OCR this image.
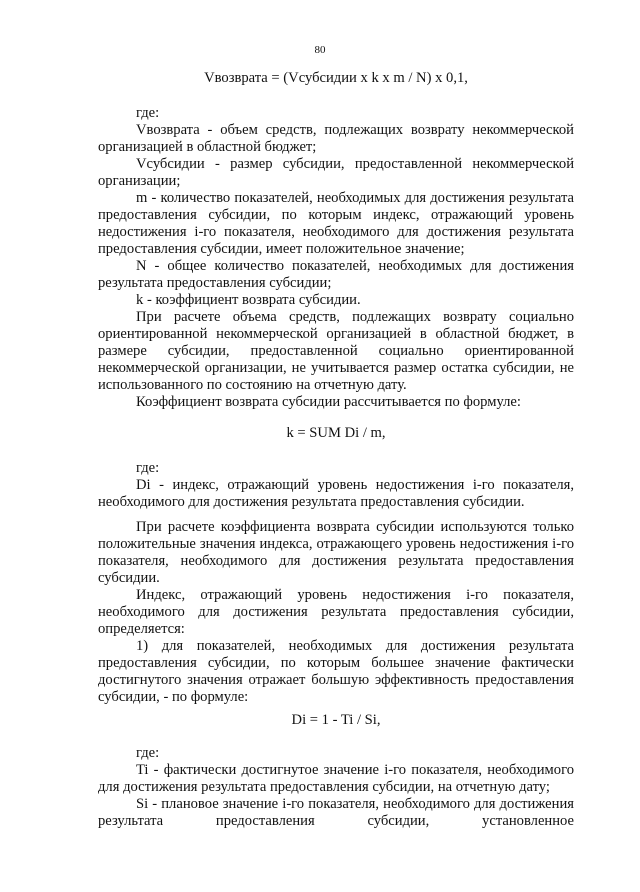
80

Vвозврата = (Vсубсидии x k x m / N) x 0,1,

где:

Vвозврата - объем средств, подлежащих возврату некоммерческой организацией в областной бюджет;

Vсубсидии - размер субсидии, предоставленной некоммерческой организации;

m - количество показателей, необходимых для достижения результата предоставления субсидии, по которым индекс, отражающий уровень недостижения i-го показателя, необходимого для достижения результата предоставления субсидии, имеет положительное значение;

N - общее количество показателей, необходимых для достижения результата предоставления субсидии;

k - коэффициент возврата субсидии.

При расчете объема средств, подлежащих возврату социально ориентированной некоммерческой организацией в областной бюджет, в размере субсидии, предоставленной социально ориентированной некоммерческой организации, не учитывается размер остатка субсидии, не использованного по состоянию на отчетную дату.

Коэффициент возврата субсидии рассчитывается по формуле:

k = SUM Di / m,

где:

Di - индекс, отражающий уровень недостижения i-го показателя, необходимого для достижения результата предоставления субсидии.

При расчете коэффициента возврата субсидии используются только положительные значения индекса, отражающего уровень недостижения i-го показателя, необходимого для достижения результата предоставления субсидии.

Индекс, отражающий уровень недостижения i-го показателя, необходимого для достижения результата предоставления субсидии, определяется:

1) для показателей, необходимых для достижения результата предоставления субсидии, по которым большее значение фактически достигнутого значения отражает большую эффективность предоставления субсидии, - по формуле:

Di = 1 - Ti / Si,

где:

Ti - фактически достигнутое значение i-го показателя, необходимого для достижения результата предоставления субсидии, на отчетную дату;

Si - плановое значение i-го показателя, необходимого для достижения результата предоставления субсидии, установленное
